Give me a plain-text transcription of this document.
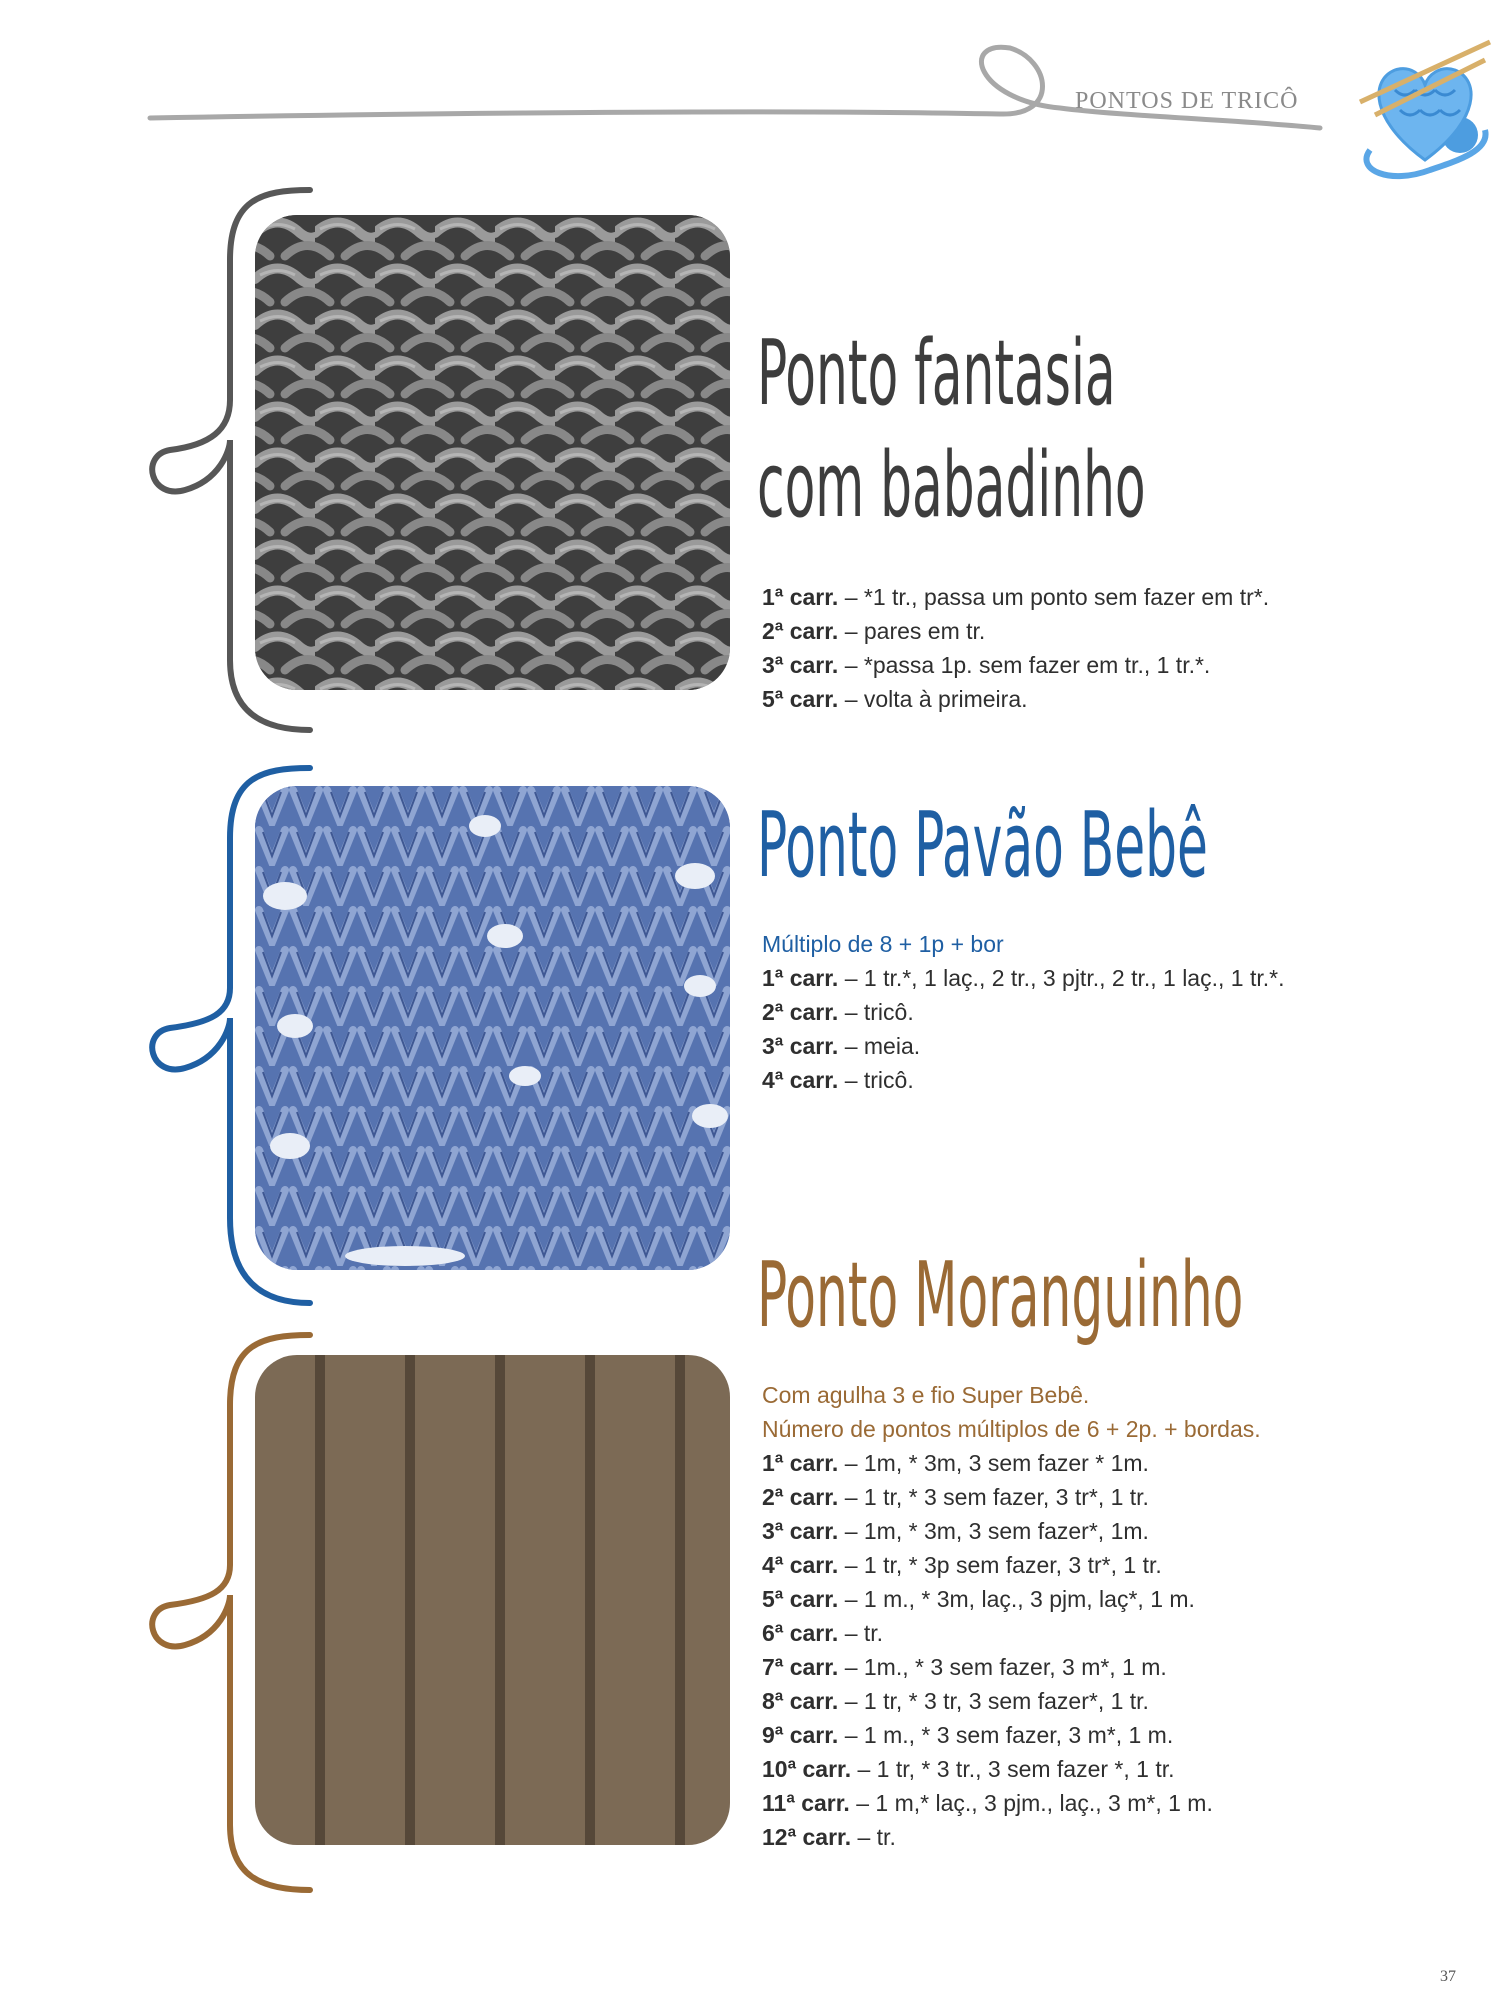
PONTOS DE TRICÔ
Ponto fantasia
com babadinho
1ª carr. – *1 tr., passa um ponto sem fazer em tr*.
2ª carr. – pares em tr.
3ª carr. – *passa 1p. sem fazer em tr., 1 tr.*.
5ª carr. – volta à primeira.
Ponto Pavão Bebê
Múltiplo de 8 + 1p + bor
1ª carr. – 1 tr.*, 1 laç., 2 tr., 3 pjtr., 2 tr., 1 laç., 1 tr.*.
2ª carr. – tricô.
3ª carr. – meia.
4ª carr. – tricô.
Ponto Moranguinho
Com agulha 3 e fio Super Bebê.
Número de pontos múltiplos de 6 + 2p. + bordas.
1ª carr. – 1m, * 3m, 3 sem fazer * 1m.
2ª carr. – 1 tr, * 3 sem fazer, 3 tr*, 1 tr.
3ª carr. – 1m, * 3m, 3 sem fazer*, 1m.
4ª carr. – 1 tr, * 3p sem fazer, 3 tr*, 1 tr.
5ª carr. – 1 m., * 3m, laç., 3 pjm, laç*, 1 m.
6ª carr. – tr.
7ª carr. – 1m., * 3 sem fazer, 3 m*, 1 m.
8ª carr. – 1 tr, * 3 tr, 3 sem fazer*, 1 tr.
9ª carr. – 1 m., * 3 sem fazer, 3 m*, 1 m.
10ª carr. – 1 tr, * 3 tr., 3 sem fazer *, 1 tr.
11ª carr. – 1 m,* laç., 3 pjm., laç., 3 m*, 1 m.
12ª carr. – tr.
37
